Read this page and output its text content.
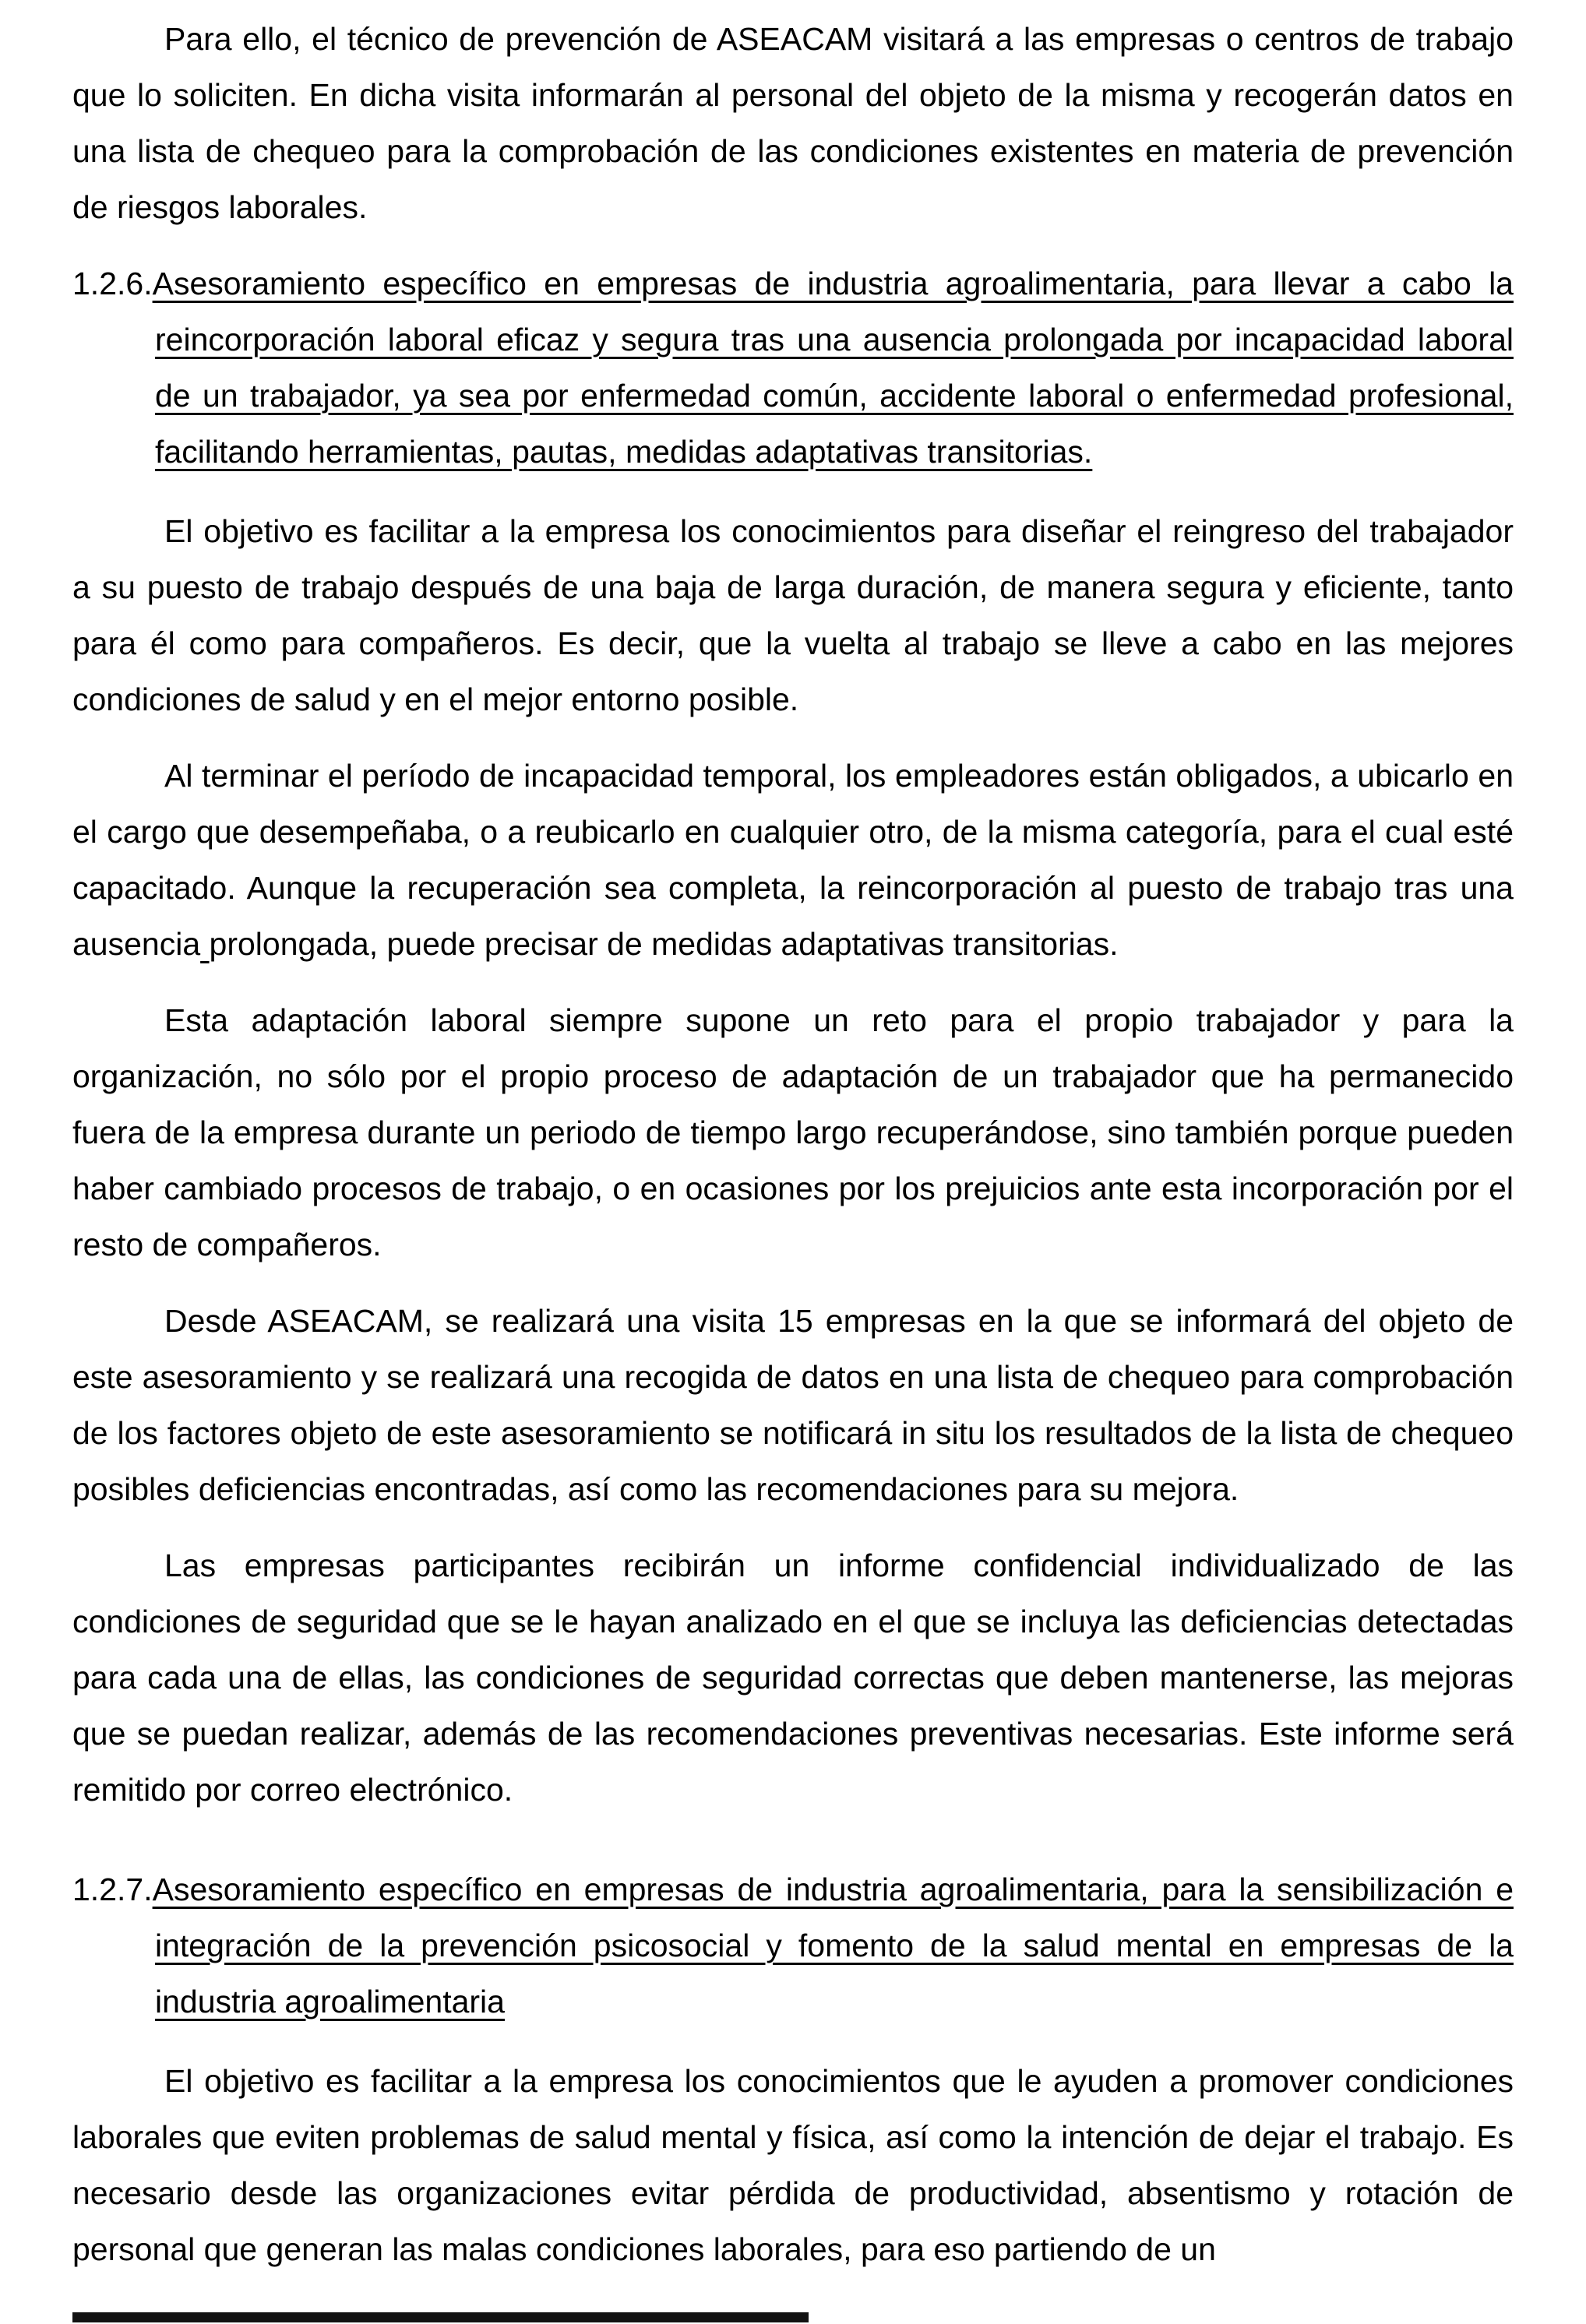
Para ello, el técnico de prevención de ASEACAM visitará a las empresas o centros de trabajo que lo soliciten. En dicha visita informarán al personal del objeto de la misma y recogerán datos en una lista de chequeo para la comprobación de las condiciones existentes en materia de prevención de riesgos laborales.

1.2.6.Asesoramiento específico en empresas de industria agroalimentaria, para llevar a cabo la reincorporación laboral eficaz y segura tras una ausencia prolongada por incapacidad laboral de un trabajador, ya sea por enfermedad común, accidente laboral o enfermedad profesional, facilitando herramientas, pautas, medidas adaptativas transitorias.

El objetivo es facilitar a la empresa los conocimientos para diseñar el reingreso del trabajador a su puesto de trabajo después de una baja de larga duración, de manera segura y eficiente, tanto para él como para compañeros. Es decir, que la vuelta al trabajo se lleve a cabo en las mejores condiciones de salud y en el mejor entorno posible.

Al terminar el período de incapacidad temporal, los empleadores están obligados, a ubicarlo en el cargo que desempeñaba, o a reubicarlo en cualquier otro, de la misma categoría, para el cual esté capacitado. Aunque la recuperación sea completa, la reincorporación al puesto de trabajo tras una ausencia prolongada, puede precisar de medidas adaptativas transitorias.

Esta adaptación laboral siempre supone un reto para el propio trabajador y para la organización, no sólo por el propio proceso de adaptación de un trabajador que ha permanecido fuera de la empresa durante un periodo de tiempo largo recuperándose, sino también porque pueden haber cambiado procesos de trabajo, o en ocasiones por los prejuicios ante esta incorporación por el resto de compañeros.

Desde ASEACAM, se realizará una visita 15 empresas en la que se informará del objeto de este asesoramiento y se realizará una recogida de datos en una lista de chequeo para comprobación de los factores objeto de este asesoramiento se notificará in situ los resultados de la lista de chequeo posibles deficiencias encontradas, así como las recomendaciones para su mejora.

Las empresas participantes recibirán un informe confidencial individualizado de las condiciones de seguridad que se le hayan analizado en el que se incluya las deficiencias detectadas para cada una de ellas, las condiciones de seguridad correctas que deben mantenerse, las mejoras que se puedan realizar, además de las recomendaciones preventivas necesarias. Este informe será remitido por correo electrónico.

1.2.7.Asesoramiento específico en empresas de industria agroalimentaria, para la sensibilización e integración de la prevención psicosocial y fomento de la salud mental en empresas de la industria agroalimentaria

El objetivo es facilitar a la empresa los conocimientos que le ayuden a promover condiciones laborales que eviten problemas de salud mental y física, así como la intención de dejar el trabajo. Es necesario desde las organizaciones evitar pérdida de productividad, absentismo y rotación de personal que generan las malas condiciones laborales, para eso partiendo de un
